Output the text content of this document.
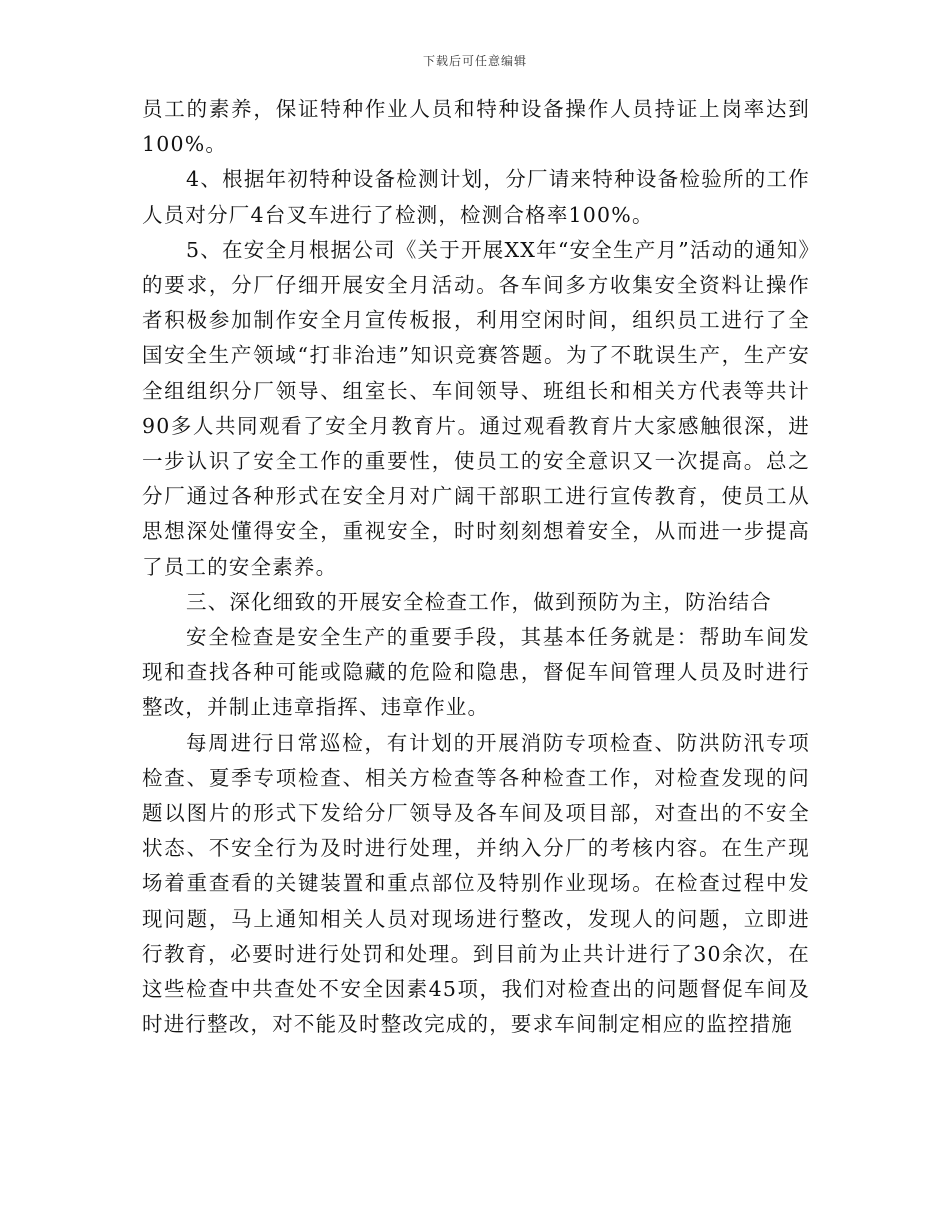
下载后可任意编辑

员工的素养，保证特种作业人员和特种设备操作人员持证上岗率达到100%。

4、根据年初特种设备检测计划，分厂请来特种设备检验所的工作人员对分厂4台叉车进行了检测，检测合格率100%。

5、在安全月根据公司《关于开展XX年“安全生产月”活动的通知》的要求，分厂仔细开展安全月活动。各车间多方收集安全资料让操作者积极参加制作安全月宣传板报，利用空闲时间，组织员工进行了全国安全生产领域“打非治违”知识竞赛答题。为了不耽误生产，生产安全组组织分厂领导、组室长、车间领导、班组长和相关方代表等共计90多人共同观看了安全月教育片。通过观看教育片大家感触很深，进一步认识了安全工作的重要性，使员工的安全意识又一次提高。总之分厂通过各种形式在安全月对广阔干部职工进行宣传教育，使员工从思想深处懂得安全，重视安全，时时刻刻想着安全，从而进一步提高了员工的安全素养。

三、深化细致的开展安全检查工作，做到预防为主，防治结合

安全检查是安全生产的重要手段，其基本任务就是：帮助车间发现和查找各种可能或隐藏的危险和隐患，督促车间管理人员及时进行整改，并制止违章指挥、违章作业。

每周进行日常巡检，有计划的开展消防专项检查、防洪防汛专项检查、夏季专项检查、相关方检查等各种检查工作，对检查发现的问题以图片的形式下发给分厂领导及各车间及项目部，对查出的不安全状态、不安全行为及时进行处理，并纳入分厂的考核内容。在生产现场着重查看的关键装置和重点部位及特别作业现场。在检查过程中发现问题，马上通知相关人员对现场进行整改，发现人的问题，立即进行教育，必要时进行处罚和处理。到目前为止共计进行了30余次，在这些检查中共查处不安全因素45项，我们对检查出的问题督促车间及时进行整改，对不能及时整改完成的，要求车间制定相应的监控措施
